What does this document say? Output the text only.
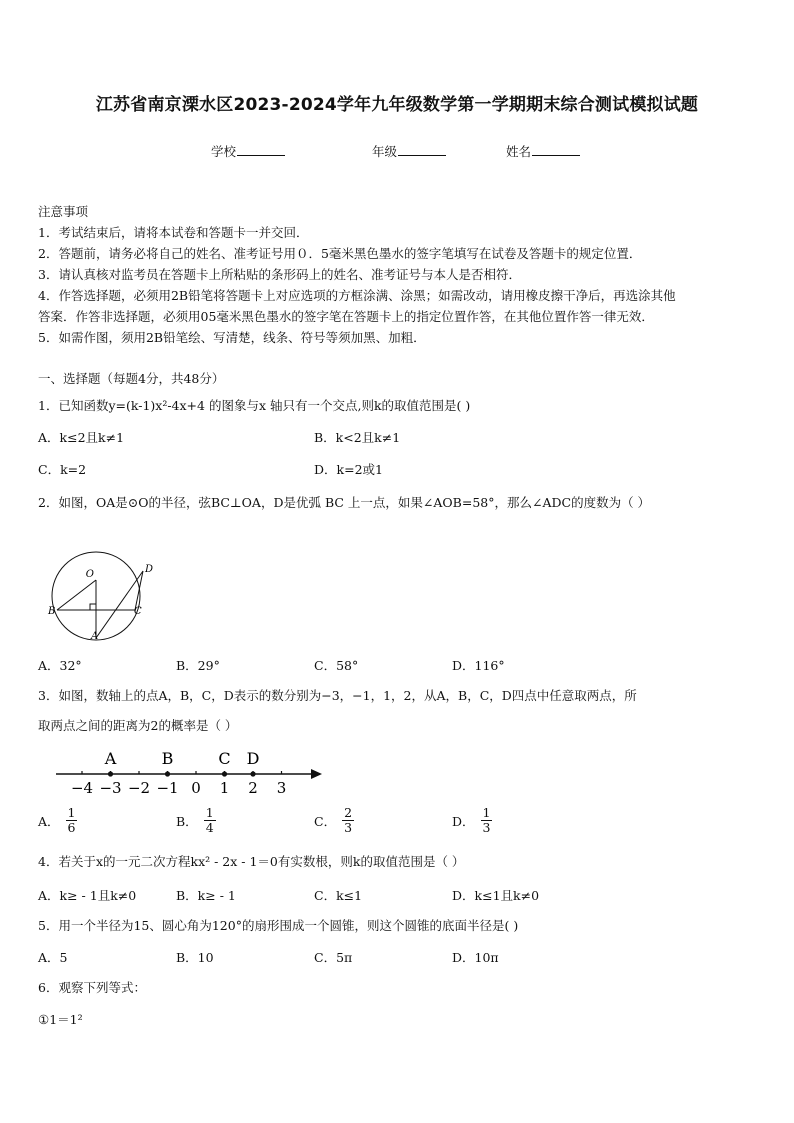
江苏省南京溧水区2023-2024学年九年级数学第一学期期末综合测试模拟试题
学校	年级	姓名
注意事项
1．考试结束后，请将本试卷和答题卡一并交回．
2．答题前，请务必将自己的姓名、准考证号用０．5毫米黑色墨水的签字笔填写在试卷及答题卡的规定位置．
3．请认真核对监考员在答题卡上所粘贴的条形码上的姓名、准考证号与本人是否相符．
4．作答选择题，必须用2B铅笔将答题卡上对应选项的方框涂满、涂黑；如需改动，请用橡皮擦干净后，再选涂其他
答案．作答非选择题，必须用05毫米黑色墨水的签字笔在答题卡上的指定位置作答，在其他位置作答一律无效．
5．如需作图，须用2B铅笔绘、写清楚，线条、符号等须加黑、加粗．
一、选择题（每题4分，共48分）
1．已知函数y=(k-1)x²-4x+4 的图象与x 轴只有一个交点,则k的取值范围是( )
A．k≤2且k≠1	B．k<2且k≠1
C．k=2	D．k=2或1
2．如图，OA是⊙O的半径，弦BC⊥OA，D是优弧 BC 上一点，如果∠AOB=58°，那么∠ADC的度数为（ ）
O	D
B	C
A
A．32°	B．29°	C．58°	D．116°
3．如图，数轴上的点A，B，C，D表示的数分别为−3，−1，1，2，从A，B，C，D四点中任意取两点，所
取两点之间的距离为2的概率是（ ）
−4 −3 −2 −1 0 1 2 3
A	B	C D
A． $\frac{1}{6}$	B． $\frac{1}{4}$	C． $\frac{2}{3}$	D． $\frac{1}{3}$
4．若关于x的一元二次方程kx² - 2x - 1＝0有实数根，则k的取值范围是（ ）
A．k≥ - 1且k≠0	B．k≥ - 1	C．k≤1	D．k≤1且k≠0
5．用一个半径为15、圆心角为120°的扇形围成一个圆锥，则这个圆锥的底面半径是( )
A．5	B．10	C．5π	D．10π
6．观察下列等式：
①1＝1²
